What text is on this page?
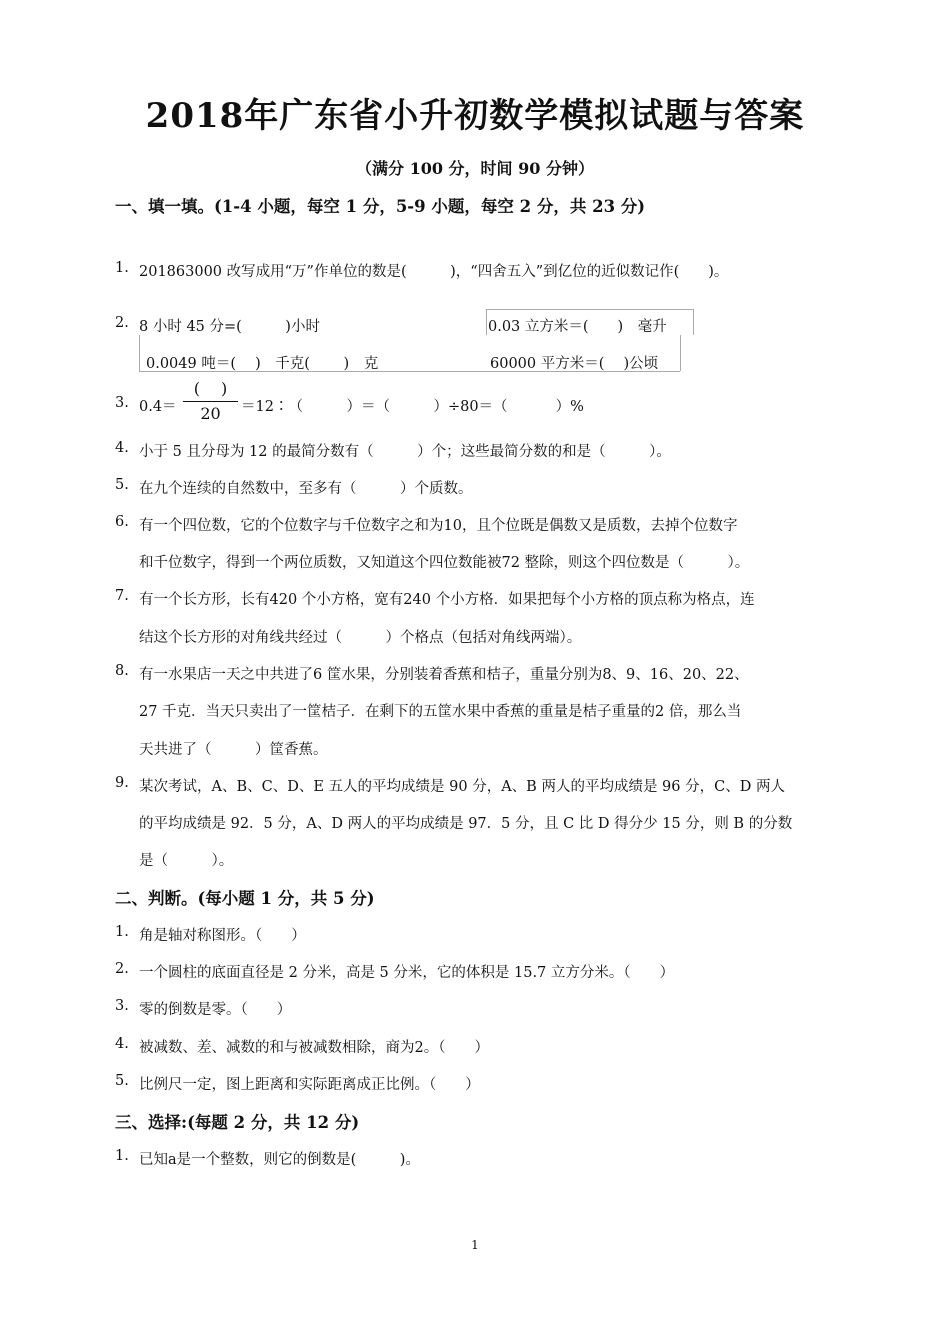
2018年广东省小升初数学模拟试题与答案
（满分 100 分，时间 90 分钟）
一、填一填。(1-4 小题，每空 1 分，5-9 小题，每空 2 分，共 23 分)
1. 201863000 改写成用“万”作单位的数是(　　　)，“四舍五入”到亿位的近似数记作(　　)。
2. 8 小时 45 分=(　　　)小时	0.03 立方米＝(　　)　毫升
0.0049 吨＝(　 )　千克(　　 )　克	60000 平方米＝(　 )公顷
3. 0.4＝
(　 )
20	＝12∶（　　　）＝（　　　）÷80＝（　　　 ）%
4. 小于 5 且分母为 12 的最简分数有（　　　）个；这些最简分数的和是（　　　）。
5. 在九个连续的自然数中，至多有（　　　）个质数。
6. 有一个四位数，它的个位数字与千位数字之和为10，且个位既是偶数又是质数，去掉个位数字
和千位数字，得到一个两位质数，又知道这个四位数能被72 整除，则这个四位数是（　　　）。
7. 有一个长方形，长有420 个小方格，宽有240 个小方格．如果把每个小方格的顶点称为格点，连
结这个长方形的对角线共经过（　　　）个格点（包括对角线两端）。
8. 有一水果店一天之中共进了6 筐水果，分别装着香蕉和桔子，重量分别为8、9、16、20、22、
27 千克．当天只卖出了一筐桔子．在剩下的五筐水果中香蕉的重量是桔子重量的2 倍，那么当
天共进了（　　　）筐香蕉。
9. 某次考试，A、B、C、D、E 五人的平均成绩是 90 分，A、B 两人的平均成绩是 96 分，C、D 两人
的平均成绩是 92．5 分，A、D 两人的平均成绩是 97．5 分，且 C 比 D 得分少 15 分，则 B 的分数
是（　　　）。
二、判断。(每小题 1 分，共 5 分)
1. 角是轴对称图形。（　　）
2. 一个圆柱的底面直径是 2 分米，高是 5 分米，它的体积是 15.7 立方分米。（　　）
3. 零的倒数是零。（　　）
4. 被减数、差、减数的和与被减数相除，商为2。（　　）
5. 比例尺一定，图上距离和实际距离成正比例。（　　）
三、选择:(每题 2 分，共 12 分)
1. 已知a是一个整数，则它的倒数是(　　　)。
1
